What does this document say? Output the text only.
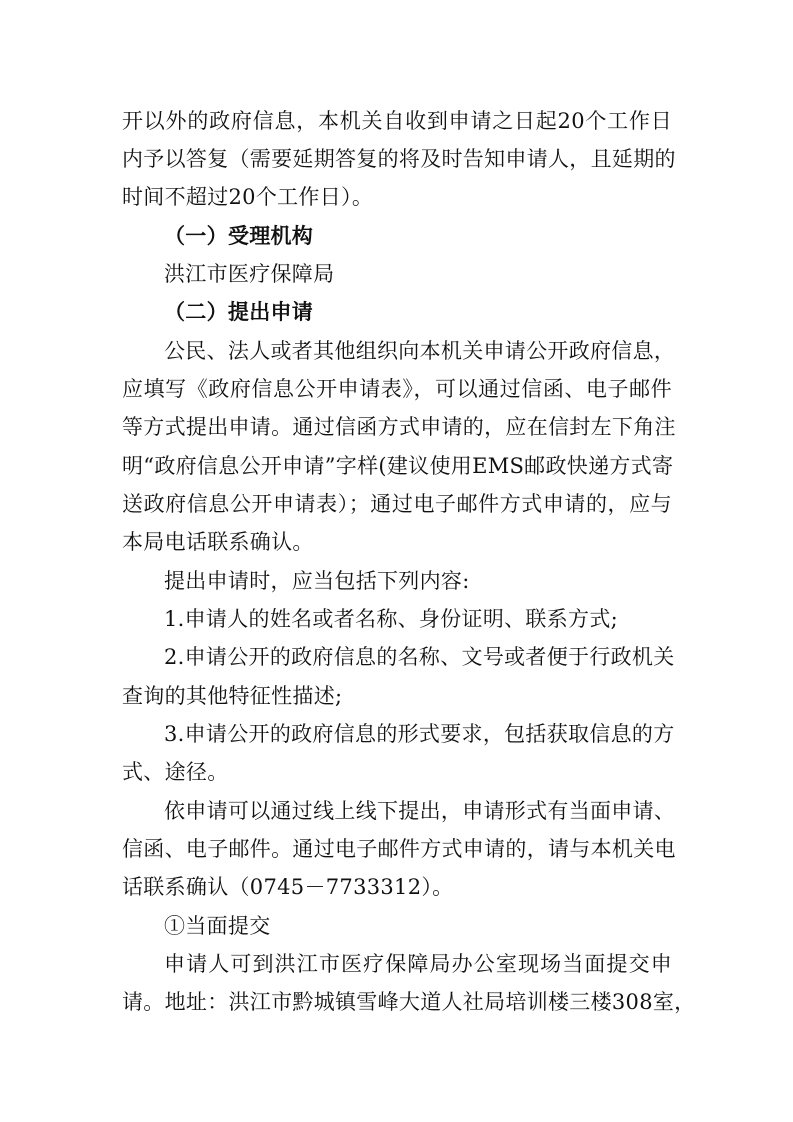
开以外的政府信息，本机关自收到申请之日起20个工作日
内予以答复（需要延期答复的将及时告知申请人，且延期的
时间不超过20个工作日）。
（一）受理机构
洪江市医疗保障局
（二）提出申请
公民、法人或者其他组织向本机关申请公开政府信息，
应填写《政府信息公开申请表》，可以通过信函、电子邮件
等方式提出申请。通过信函方式申请的，应在信封左下角注
明“政府信息公开申请”字样(建议使用EMS邮政快递方式寄
送政府信息公开申请表）；通过电子邮件方式申请的，应与
本局电话联系确认。
提出申请时，应当包括下列内容:
1.申请人的姓名或者名称、身份证明、联系方式;
2.申请公开的政府信息的名称、文号或者便于行政机关
查询的其他特征性描述;
3.申请公开的政府信息的形式要求，包括获取信息的方
式、途径。
依申请可以通过线上线下提出，申请形式有当面申请、
信函、电子邮件。通过电子邮件方式申请的，请与本机关电
话联系确认（0745－7733312）。
①当面提交
申请人可到洪江市医疗保障局办公室现场当面提交申
请。地址：洪江市黔城镇雪峰大道人社局培训楼三楼308室，
